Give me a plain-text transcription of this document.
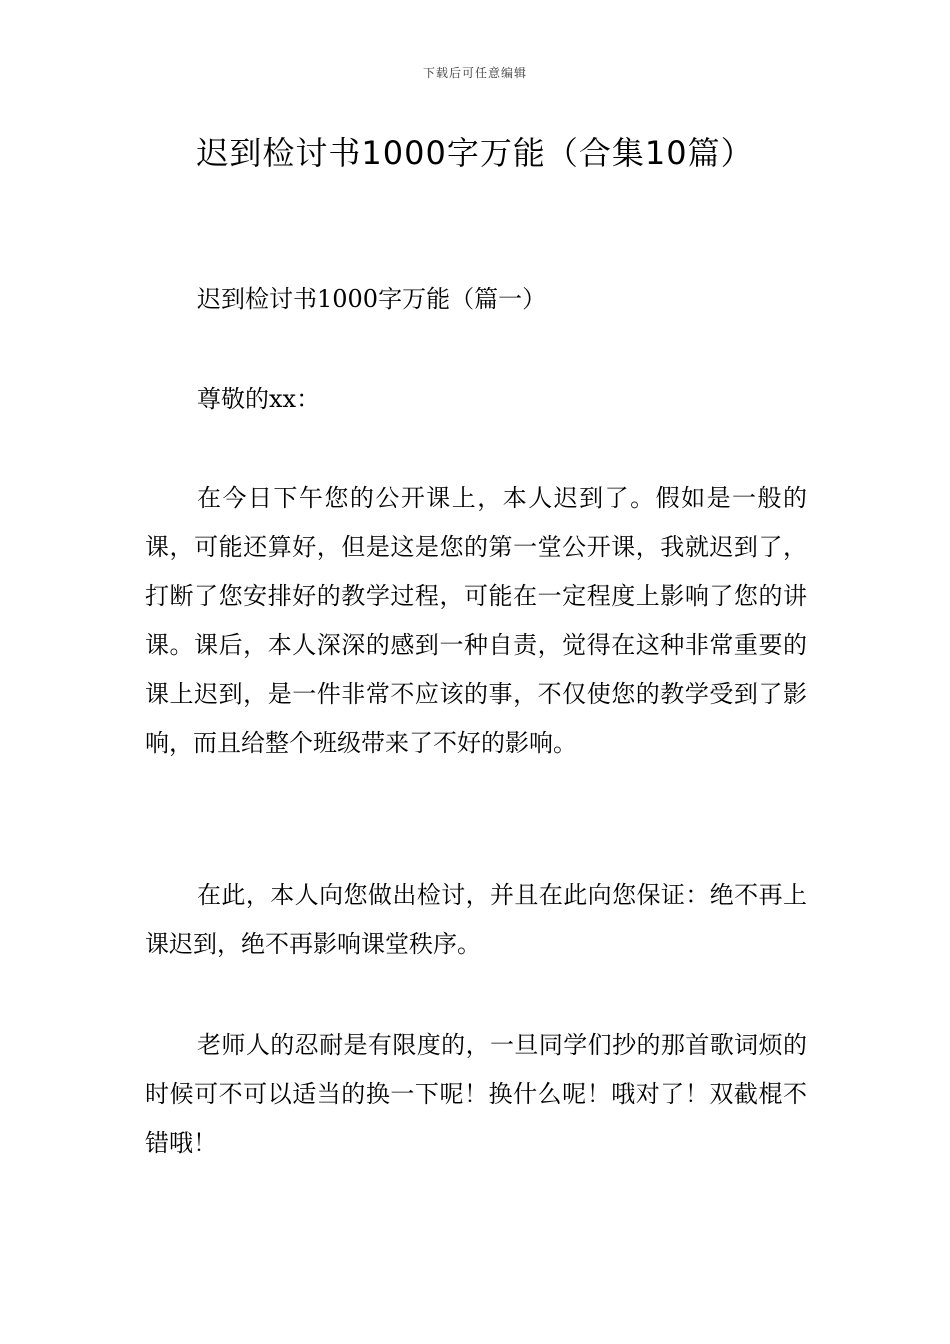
下载后可任意编辑
迟到检讨书1000字万能（合集10篇）

迟到检讨书1000字万能（篇一）

尊敬的xx：

在今日下午您的公开课上，本人迟到了。假如是一般的课，可能还算好，但是这是您的第一堂公开课，我就迟到了，打断了您安排好的教学过程，可能在一定程度上影响了您的讲课。课后，本人深深的感到一种自责，觉得在这种非常重要的课上迟到，是一件非常不应该的事，不仅使您的教学受到了影响，而且给整个班级带来了不好的影响。

在此，本人向您做出检讨，并且在此向您保证：绝不再上课迟到，绝不再影响课堂秩序。

老师人的忍耐是有限度的，一旦同学们抄的那首歌词烦的时候可不可以适当的换一下呢！换什么呢！哦对了！双截棍不错哦！
